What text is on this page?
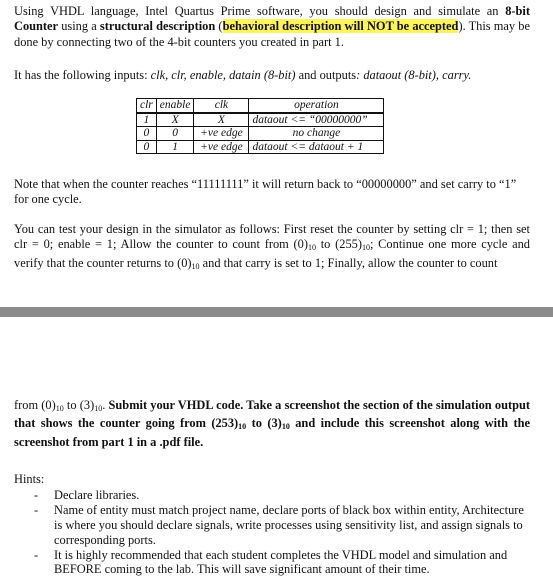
Using VHDL language, Intel Quartus Prime software, you should design and simulate an 8-bit Counter using a structural description (behavioral description will NOT be accepted). This may be done by connecting two of the 4-bit counters you created in part 1.

It has the following inputs: clk, clr, enable, datain (8-bit) and outputs: dataout (8-bit), carry.

clr	enable	clk	operation
1	X	X	dataout <= “00000000”
0	0	+ve edge	no change
0	1	+ve edge	dataout <= dataout + 1

Note that when the counter reaches “11111111” it will return back to “00000000” and set carry to “1” for one cycle.

You can test your design in the simulator as follows: First reset the counter by setting clr = 1; then set clr = 0; enable = 1; Allow the counter to count from $(0)_{10}$ to $(255)_{10}$; Continue one more cycle and verify that the counter returns to $(0)_{10}$ and that carry is set to 1; Finally, allow the counter to count

from $(0)_{10}$ to $(3)_{10}$. Submit your VHDL code. Take a screenshot the section of the simulation output that shows the counter going from $(253)_{10}$ to $(3)_{10}$ and include this screenshot along with the screenshot from part 1 in a .pdf file.

Hints:
- Declare libraries.
- Name of entity must match project name, declare ports of black box within entity, Architecture is where you should declare signals, write processes using sensitivity list, and assign signals to corresponding ports.
- It is highly recommended that each student completes the VHDL model and simulation and BEFORE coming to the lab. This will save significant amount of their time.
